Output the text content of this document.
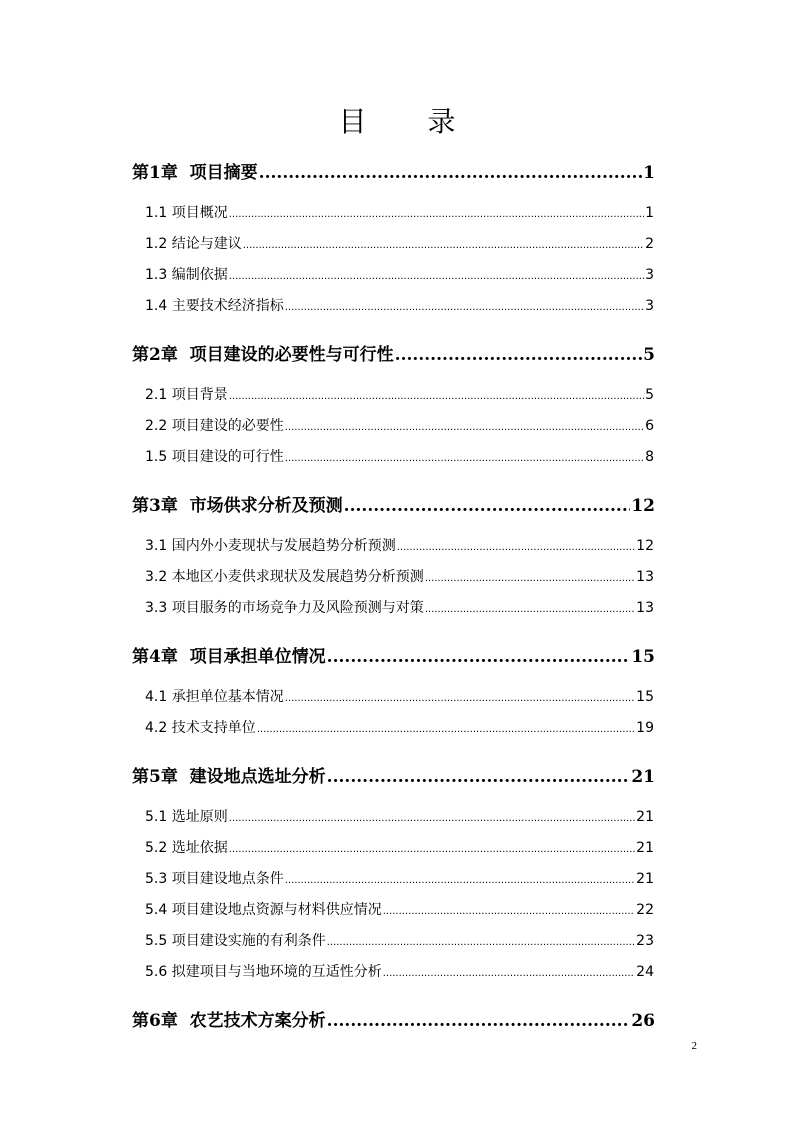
目 录
第1章  项目摘要 .....	1
1.1 项目概况 .....	1
1.2 结论与建议 .....	2
1.3 编制依据 .....	3
1.4 主要技术经济指标 .....	3
第2章  项目建设的必要性与可行性 .....	5
2.1 项目背景 .....	5
2.2 项目建设的必要性 .....	6
1.5 项目建设的可行性 .....	8
第3章  市场供求分析及预测 .....	12
3.1 国内外小麦现状与发展趋势分析预测 .....	12
3.2 本地区小麦供求现状及发展趋势分析预测 .....	13
3.3 项目服务的市场竞争力及风险预测与对策 .....	13
第4章  项目承担单位情况 .....	15
4.1 承担单位基本情况 .....	15
4.2 技术支持单位 .....	19
第5章  建设地点选址分析 .....	21
5.1 选址原则 .....	21
5.2 选址依据 .....	21
5.3 项目建设地点条件 .....	21
5.4 项目建设地点资源与材料供应情况 .....	22
5.5 项目建设实施的有利条件 .....	23
5.6 拟建项目与当地环境的互适性分析 .....	24
第6章  农艺技术方案分析 .....	26
2
